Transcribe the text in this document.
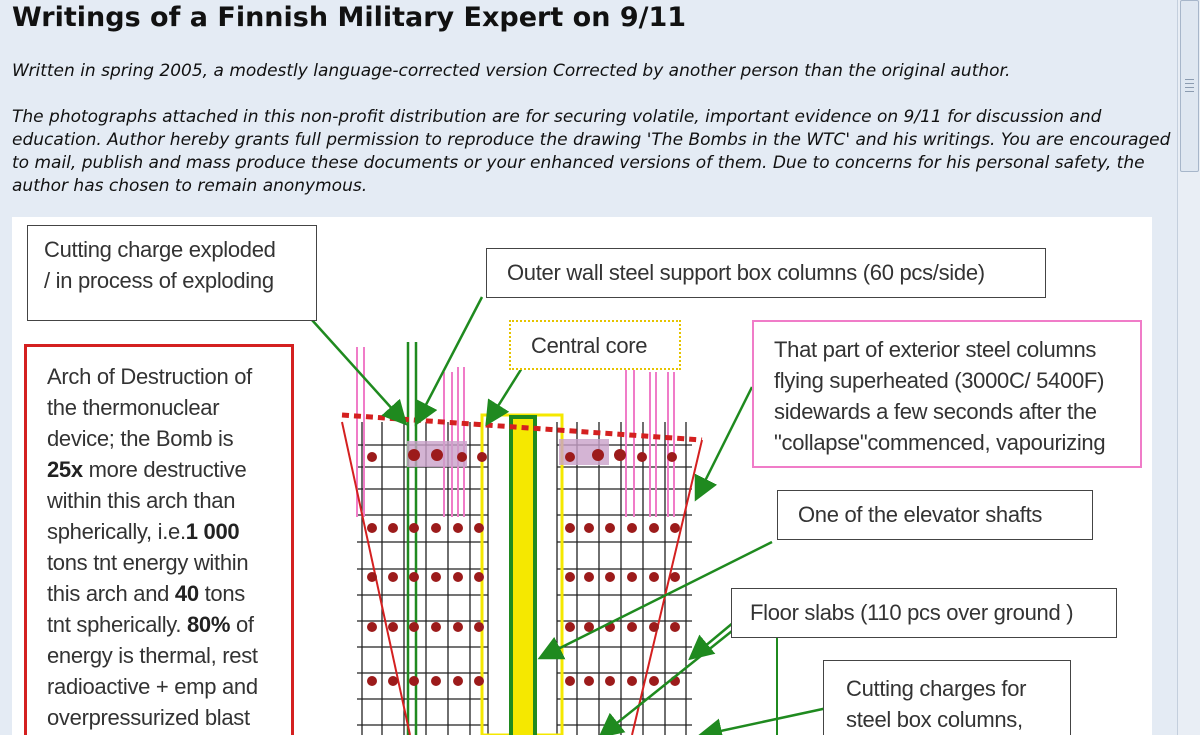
Writings of a Finnish Military Expert on 9/11

Written in spring 2005, a modestly language-corrected version Corrected by another person than the original author.

The photographs attached in this non-profit distribution are for securing volatile, important evidence on 9/11 for discussion and education. Author hereby grants full permission to reproduce the drawing 'The Bombs in the WTC' and his writings. You are encouraged to mail, publish and mass produce these documents or your enhanced versions of them. Due to concerns for his personal safety, the author has chosen to remain anonymous.

Cutting charge exploded
/ in process of exploding	Outer wall steel support box columns (60 pcs/side)
Central core	That part of exterior steel columns
flying superheated (3000C/ 5400F)
sidewards a few seconds after the
"collapse"commenced, vapourizing
One of the elevator shafts
Floor slabs (110 pcs over ground )
Cutting charges for
steel box columns,
Arch of Destruction of
the thermonuclear
device; the Bomb is
25x more destructive
within this arch than
spherically, i.e.1 000
tons tnt energy within
this arch and 40 tons
tnt spherically. 80% of
energy is thermal, rest
radioactive + emp and
overpressurized blast
